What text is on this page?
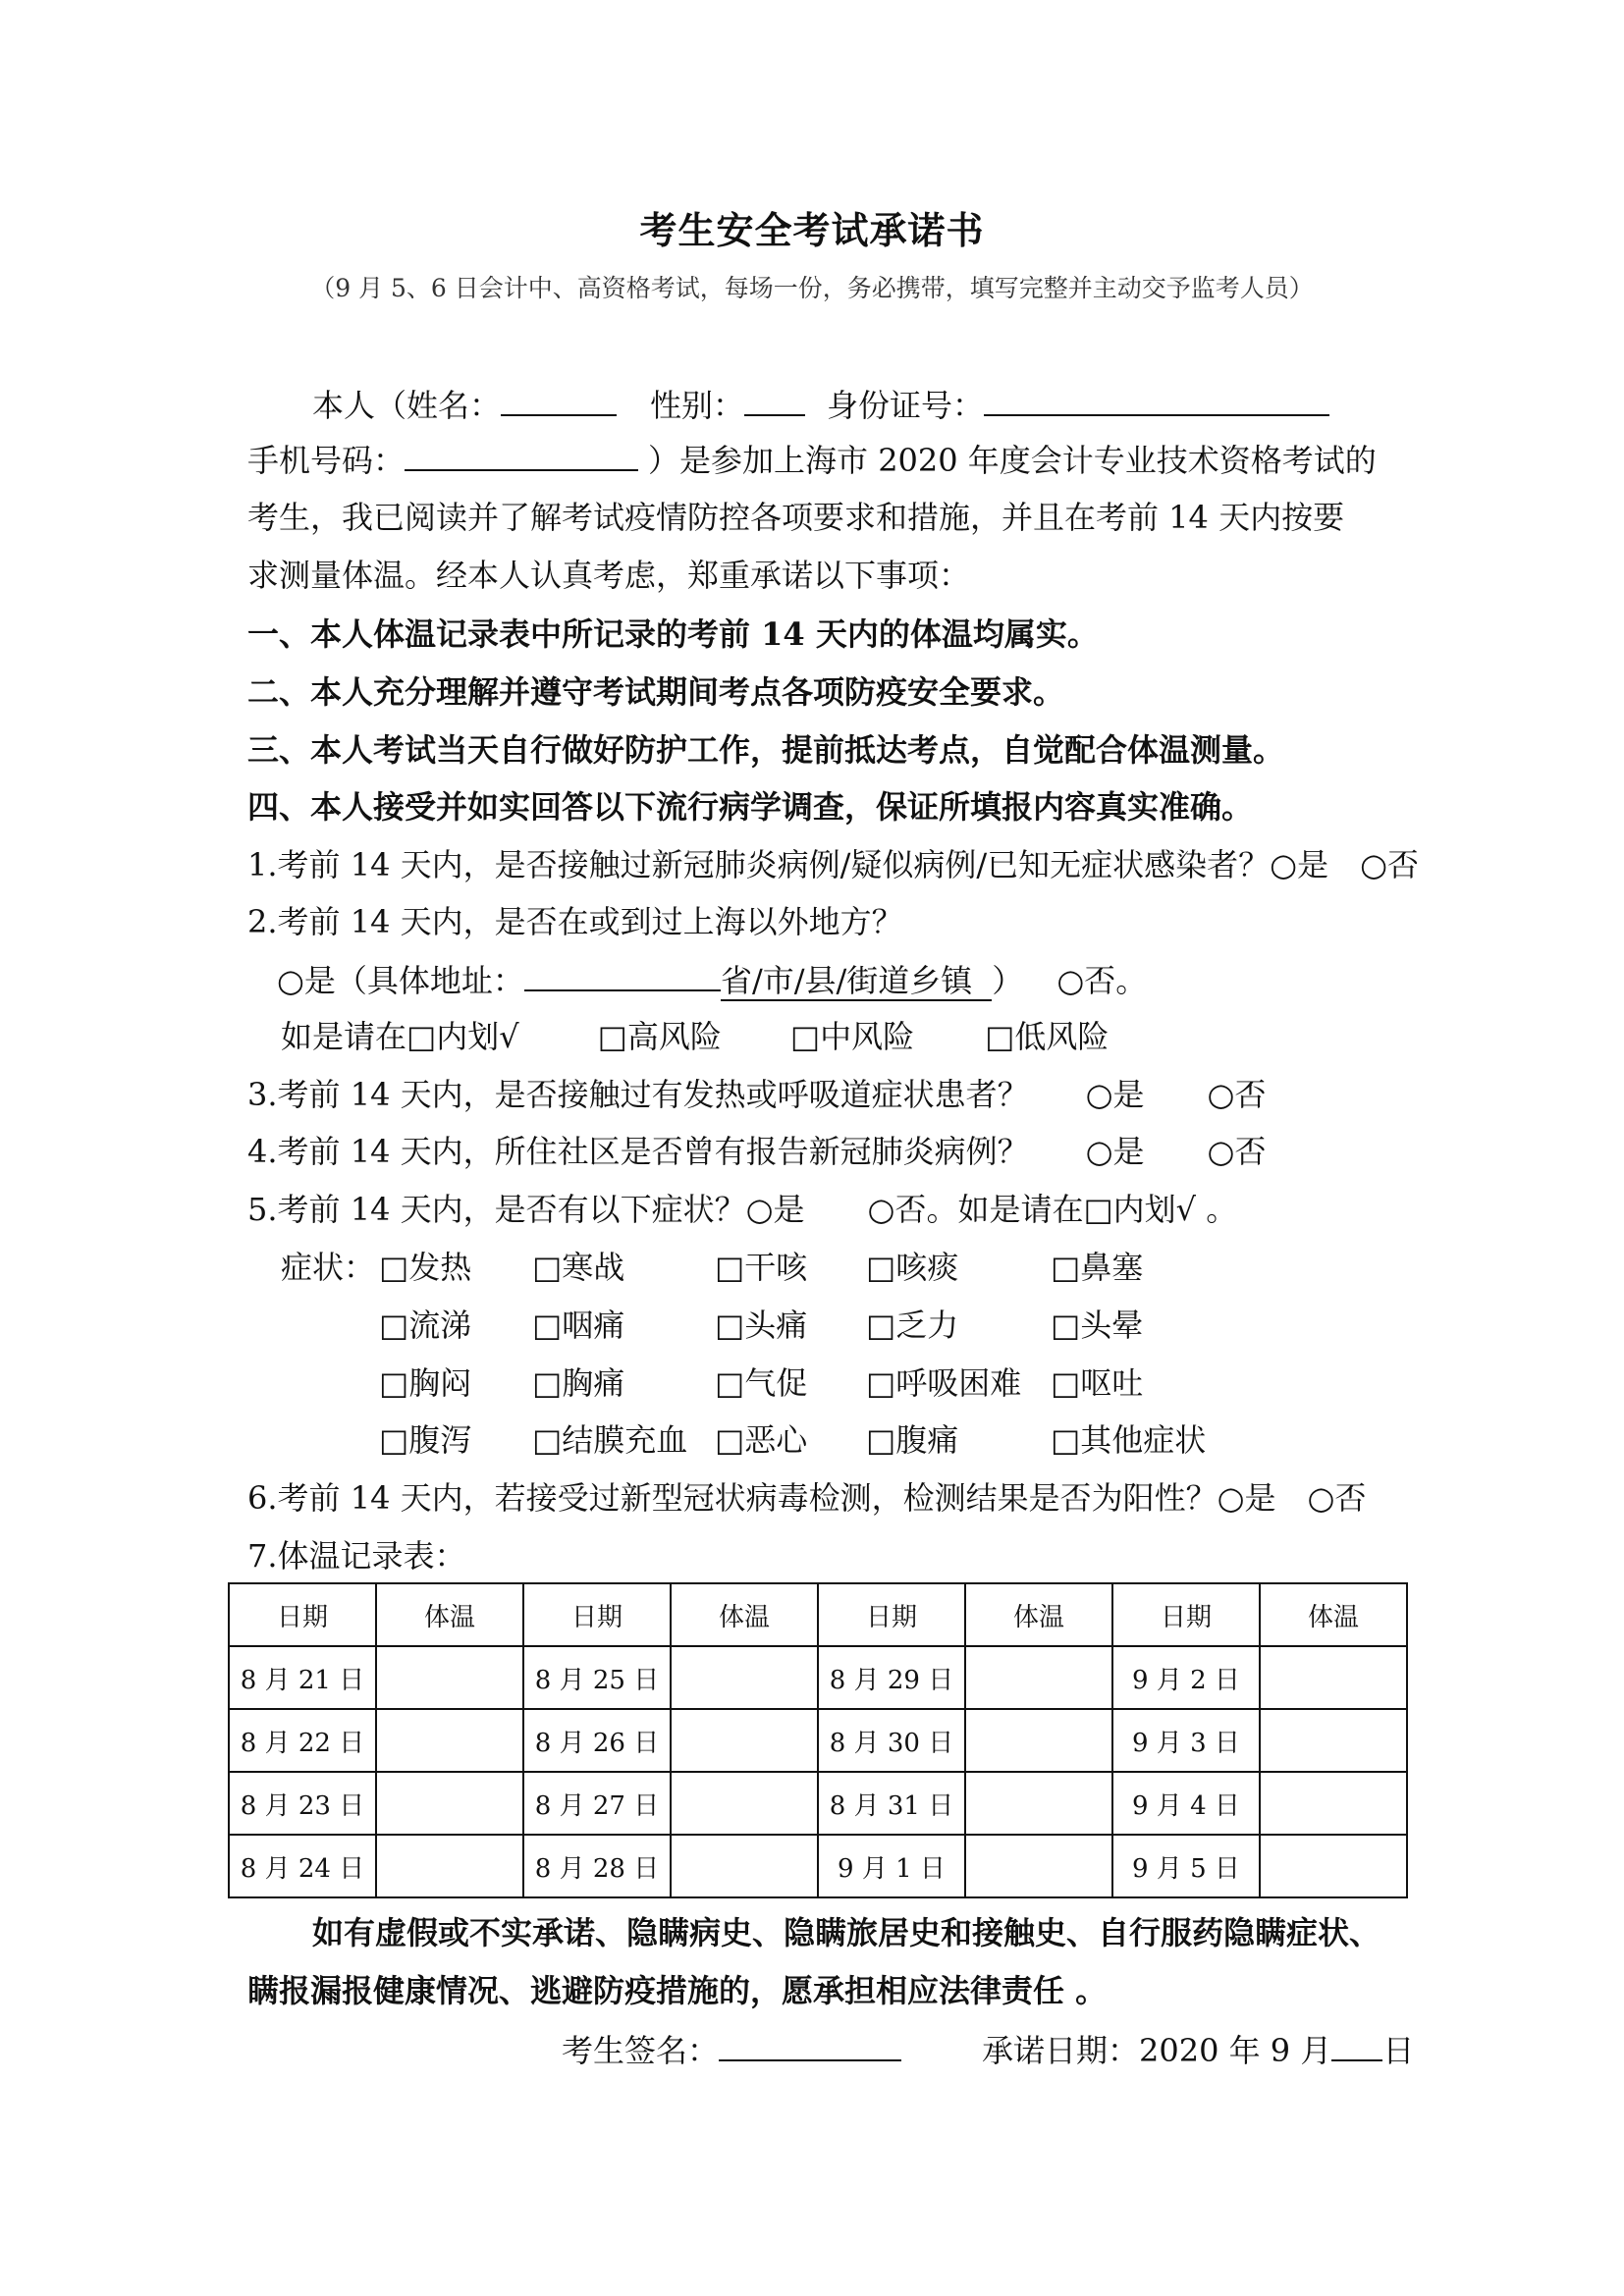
考生安全考试承诺书
（9 月 5、6 日会计中、高资格考试，每场一份，务必携带，填写完整并主动交予监考人员）
本人（姓名：	性别：	身份证号：
手机号码：	）是参加上海市 2020 年度会计专业技术资格考试的
考生，我已阅读并了解考试疫情防控各项要求和措施，并且在考前 14 天内按要
求测量体温。经本人认真考虑，郑重承诺以下事项：
一、本人体温记录表中所记录的考前 14 天内的体温均属实。
二、本人充分理解并遵守考试期间考点各项防疫安全要求。
三、本人考试当天自行做好防护工作，提前抵达考点，自觉配合体温测量。
四、本人接受并如实回答以下流行病学调查，保证所填报内容真实准确。
1.考前 14 天内，是否接触过新冠肺炎病例/疑似病例/已知无症状感染者？○是　○否
2.考前 14 天内，是否在或到过上海以外地方？
○是（具体地址：	省/市/县/街道乡镇 ） ○否。
如是请在□内划√	□高风险 □中风险 □低风险
3.考前 14 天内，是否接触过有发热或呼吸道症状患者？ ○是　　○否
4.考前 14 天内，所住社区是否曾有报告新冠肺炎病例？ ○是　　○否
5.考前 14 天内，是否有以下症状？○是　　○否。如是请在□内划√ 。
症状： □发热 □寒战	□干咳 □咳痰	□鼻塞
□流涕 □咽痛	□头痛 □乏力	□头晕
□胸闷 □胸痛	□气促 □呼吸困难 □呕吐
□腹泻 □结膜充血 □恶心 □腹痛	□其他症状
6.考前 14 天内，若接受过新型冠状病毒检测，检测结果是否为阳性？○是　○否
7.体温记录表：
日期	体温	日期	体温	日期	体温	日期	体温
8 月 21 日		8 月 25 日		8 月 29 日		9 月 2 日	
8 月 22 日		8 月 26 日		8 月 30 日		9 月 3 日	
8 月 23 日		8 月 27 日		8 月 31 日		9 月 4 日	
8 月 24 日		8 月 28 日		9 月 1 日		9 月 5 日	
如有虚假或不实承诺、隐瞒病史、隐瞒旅居史和接触史、自行服药隐瞒症状、
瞒报漏报健康情况、逃避防疫措施的，愿承担相应法律责任 。
考生签名：	承诺日期：2020 年 9 月 日
